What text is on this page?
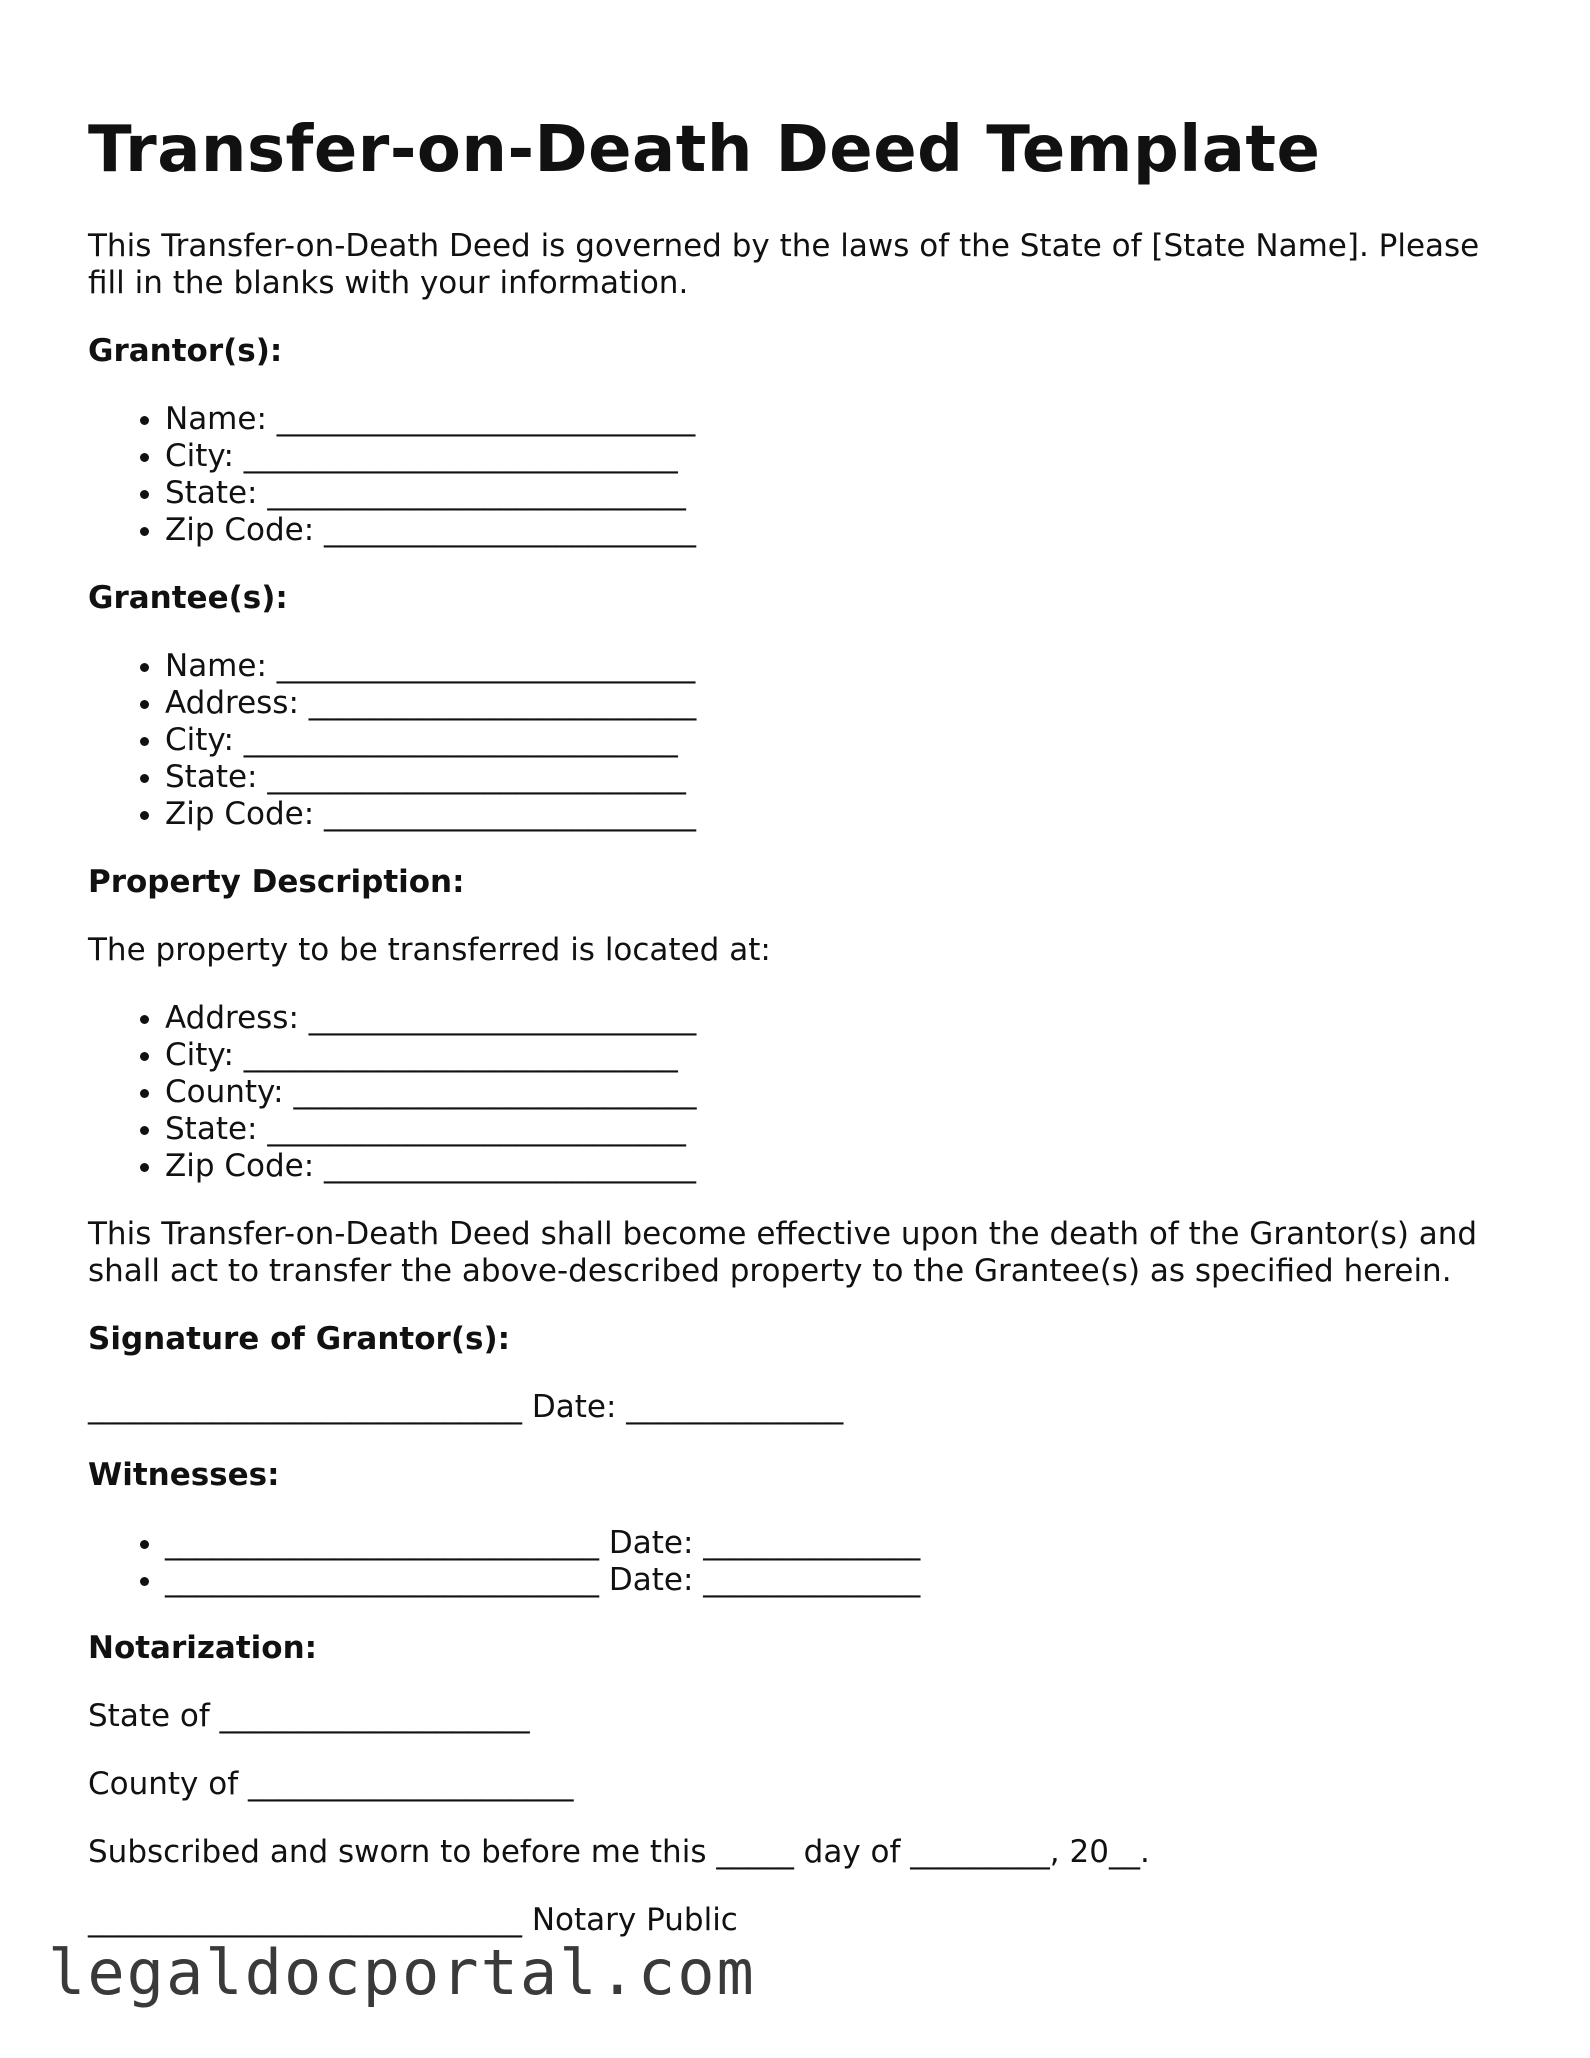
Transfer-on-Death Deed Template

This Transfer-on-Death Deed is governed by the laws of the State of [State Name]. Please fill in the blanks with your information.

Grantor(s):
• Name: ___________________________
• City: ____________________________
• State: ___________________________
• Zip Code: ________________________
Grantee(s):
• Name: ___________________________
• Address: _________________________
• City: ____________________________
• State: ___________________________
• Zip Code: ________________________
Property Description:

The property to be transferred is located at:

• Address: _________________________
• City: ____________________________
• County: __________________________
• State: ___________________________
• Zip Code: ________________________

This Transfer-on-Death Deed shall become effective upon the death of the Grantor(s) and shall act to transfer the above-described property to the Grantee(s) as specified herein.

Signature of Grantor(s):

____________________________ Date: ______________

Witnesses:
• ____________________________ Date: ______________
• ____________________________ Date: ______________
Notarization:

State of ____________________

County of _____________________

Subscribed and sworn to before me this _____ day of _________, 20__.

____________________________ Notary Public

legaldocportal.com
